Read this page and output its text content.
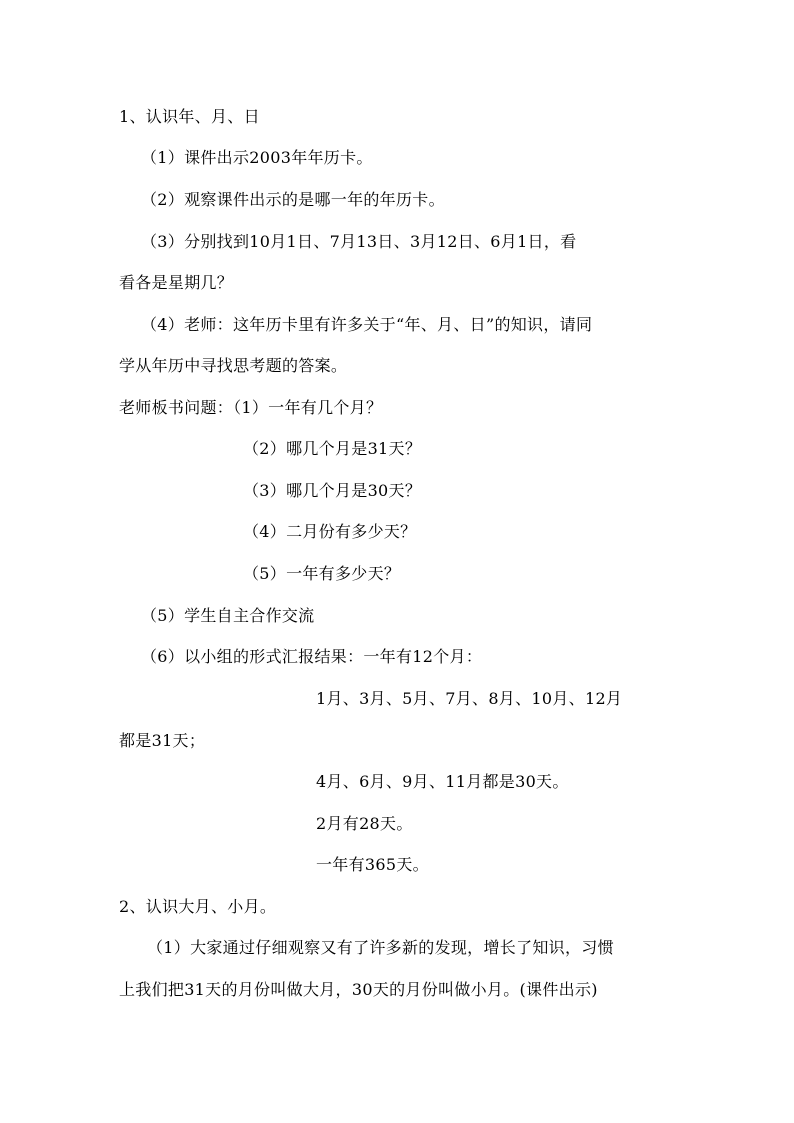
1、认识年、月、日
（1）课件出示2003年年历卡。
（2）观察课件出示的是哪一年的年历卡。
（3）分别找到10月1日、7月13日、3月12日、6月1日，看
看各是星期几？
（4）老师：这年历卡里有许多关于“年、月、日”的知识，请同
学从年历中寻找思考题的答案。
老师板书问题：（1）一年有几个月？
（2）哪几个月是31天？
（3）哪几个月是30天？
（4）二月份有多少天？
（5）一年有多少天？
（5）学生自主合作交流
（6）以小组的形式汇报结果：一年有12个月：
1月、3月、5月、7月、8月、10月、12月
都是31天；
4月、6月、9月、11月都是30天。
2月有28天。
一年有365天。
2、认识大月、小月。
（1）大家通过仔细观察又有了许多新的发现，增长了知识，习惯
上我们把31天的月份叫做大月，30天的月份叫做小月。(课件出示)
